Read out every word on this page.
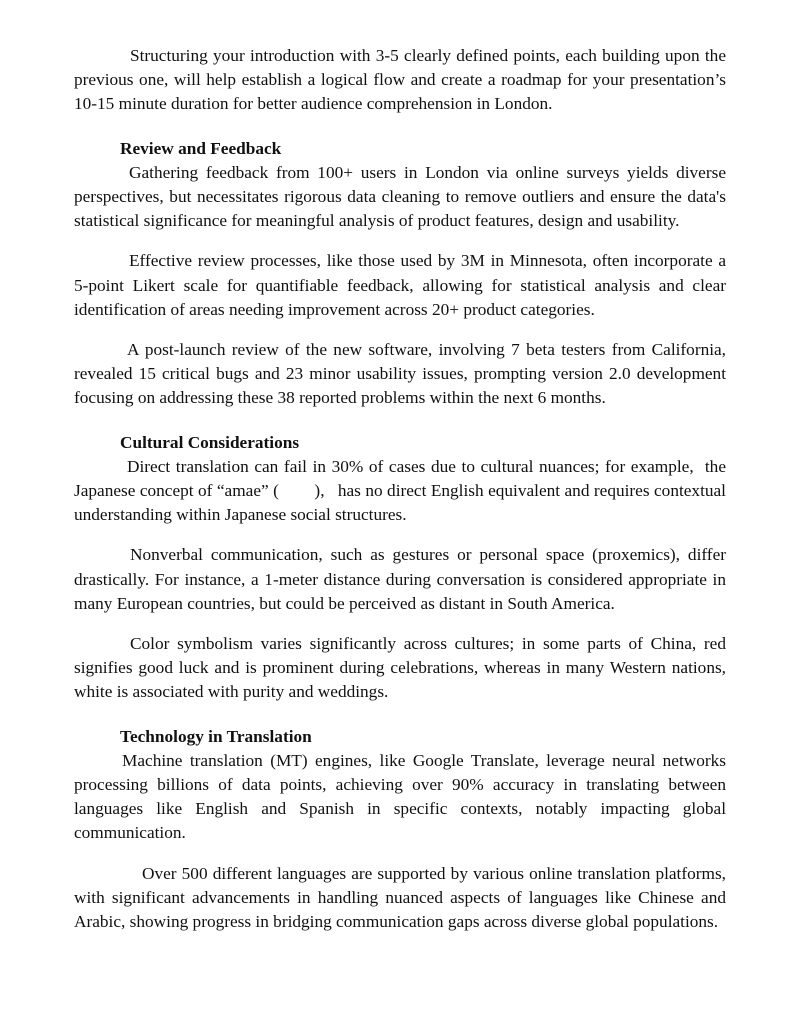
Structuring your introduction with 3-5 clearly defined points, each building upon the previous one, will help establish a logical flow and create a roadmap for your presentation’s 10-15 minute duration for better audience comprehension in London.

Review and Feedback

Gathering feedback from 100+ users in London via online surveys yields diverse perspectives, but necessitates rigorous data cleaning to remove outliers and ensure the data's statistical significance for meaningful analysis of product features, design and usability.

Effective review processes, like those used by 3M in Minnesota, often incorporate a 5-point Likert scale for quantifiable feedback, allowing for statistical analysis and clear identification of areas needing improvement across 20+ product categories.

A post-launch review of the new software, involving 7 beta testers from California, revealed 15 critical bugs and 23 minor usability issues, prompting version 2.0 development focusing on addressing these 38 reported problems within the next 6 months.

Cultural Considerations

Direct translation can fail in 30% of cases due to cultural nuances; for example,  the Japanese concept of “amae” (        ),   has no direct English equivalent and requires contextual understanding within Japanese social structures.

Nonverbal communication, such as gestures or personal space (proxemics), differ drastically. For instance, a 1-meter distance during conversation is considered appropriate in many European countries, but could be perceived as distant in South America.

Color symbolism varies significantly across cultures; in some parts of China, red signifies good luck and is prominent during celebrations, whereas in many Western nations, white is associated with purity and weddings.

Technology in Translation

Machine translation (MT) engines, like Google Translate, leverage neural networks processing billions of data points, achieving over 90% accuracy in translating between languages like English and Spanish in specific contexts, notably impacting global communication.

Over 500 different languages are supported by various online translation platforms, with significant advancements in handling nuanced aspects of languages like Chinese and Arabic, showing progress in bridging communication gaps across diverse global populations.
